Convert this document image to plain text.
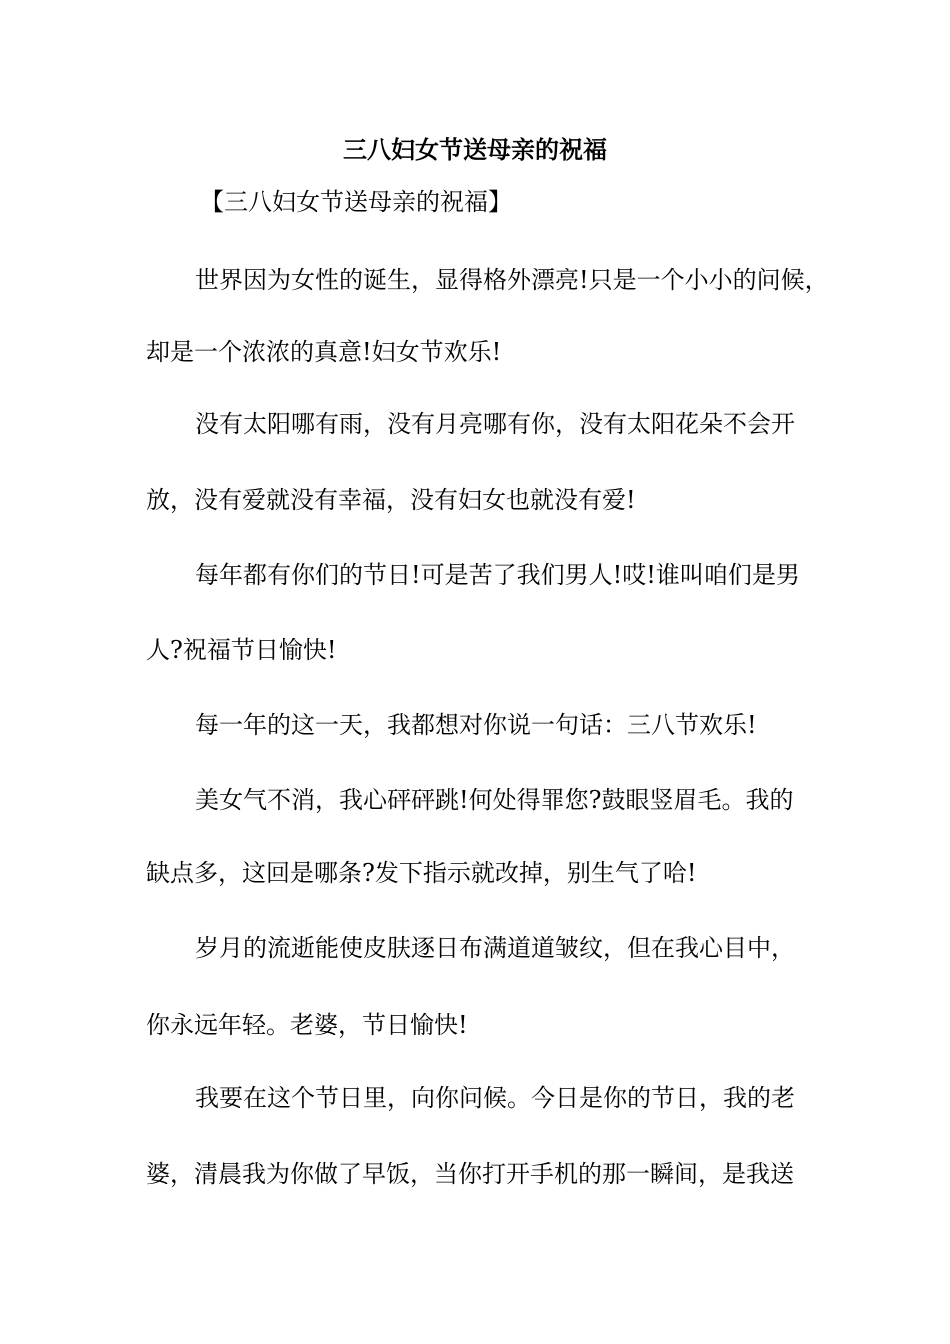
三八妇女节送母亲的祝福
【三八妇女节送母亲的祝福】
世界因为女性的诞生，显得格外漂亮!只是一个小小的问候，
却是一个浓浓的真意!妇女节欢乐!
没有太阳哪有雨，没有月亮哪有你，没有太阳花朵不会开
放，没有爱就没有幸福，没有妇女也就没有爱!
每年都有你们的节日!可是苦了我们男人!哎!谁叫咱们是男
人?祝福节日愉快!
每一年的这一天，我都想对你说一句话：三八节欢乐!
美女气不消，我心砰砰跳!何处得罪您?鼓眼竖眉毛。我的
缺点多，这回是哪条?发下指示就改掉，别生气了哈!
岁月的流逝能使皮肤逐日布满道道皱纹，但在我心目中，
你永远年轻。老婆，节日愉快!
我要在这个节日里，向你问候。今日是你的节日，我的老
婆，清晨我为你做了早饭，当你打开手机的那一瞬间，是我送
